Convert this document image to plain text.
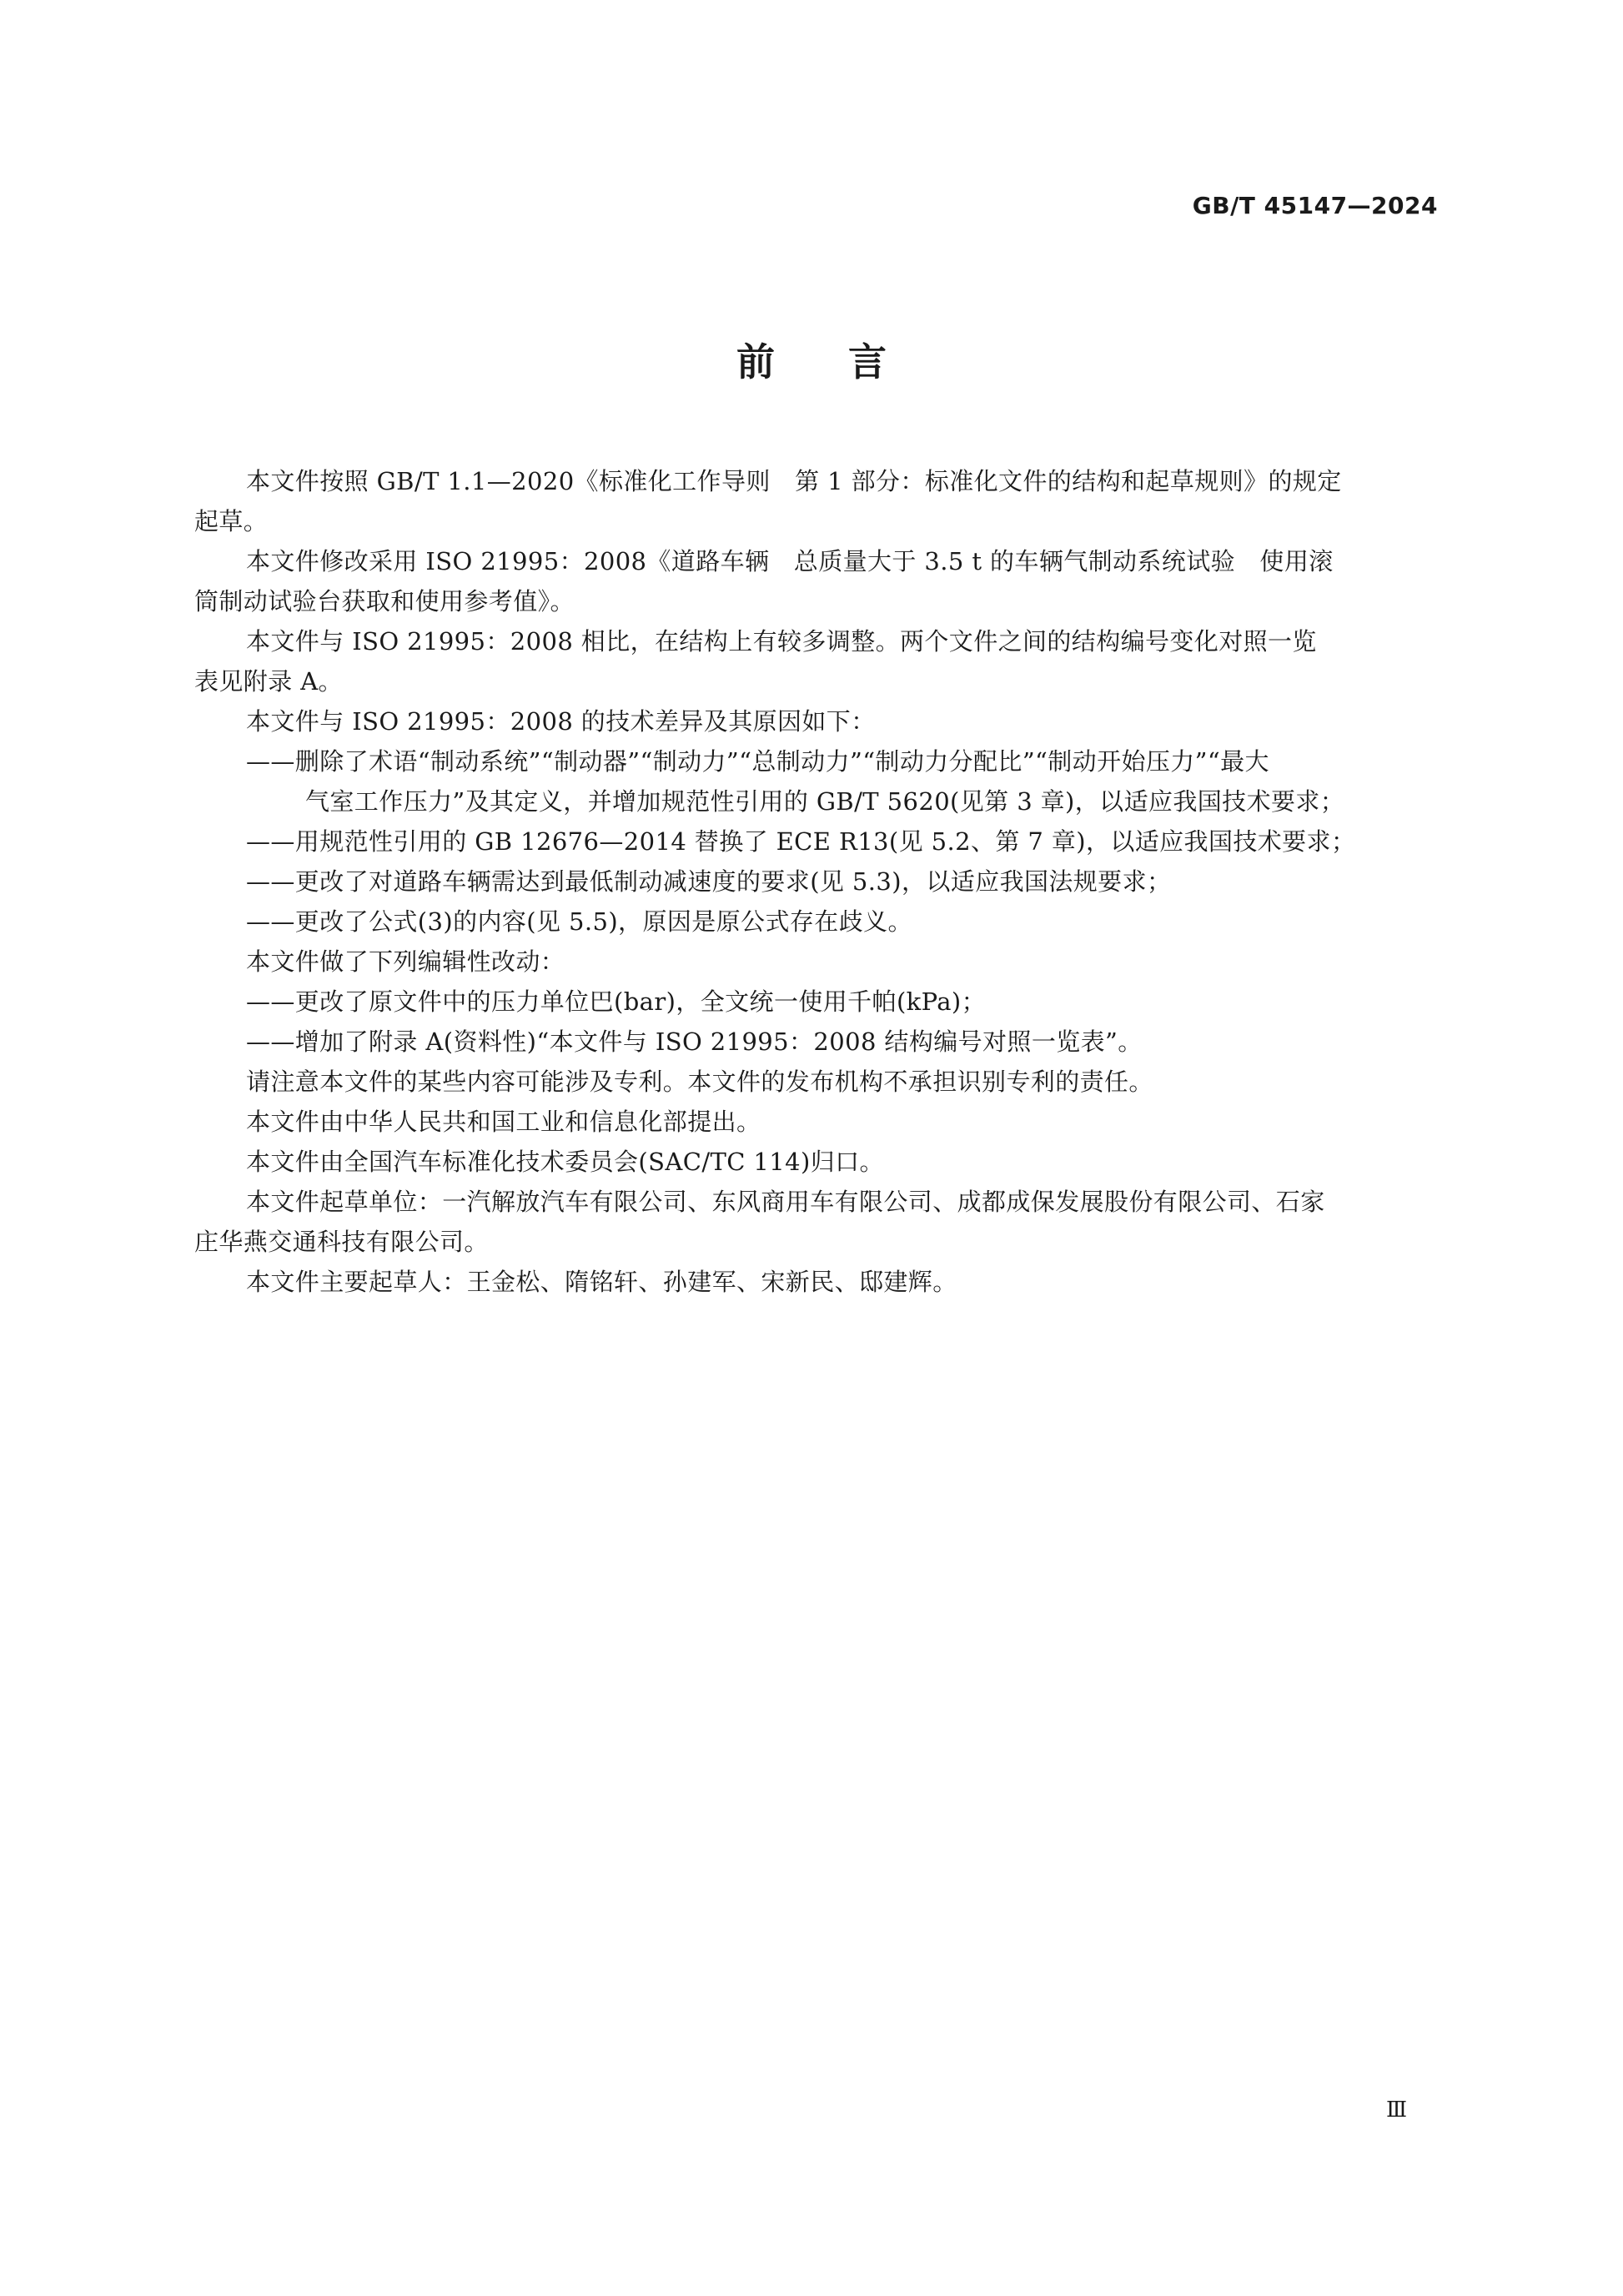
GB/T 45147—2024
前言

本文件按照 GB/T 1.1—2020《标准化工作导则　第 1 部分：标准化文件的结构和起草规则》的规定

起草。

本文件修改采用 ISO 21995：2008《道路车辆　总质量大于 3.5 t 的车辆气制动系统试验　使用滚

筒制动试验台获取和使用参考值》。

本文件与 ISO 21995：2008 相比，在结构上有较多调整。两个文件之间的结构编号变化对照一览

表见附录 A。

本文件与 ISO 21995：2008 的技术差异及其原因如下：

——删除了术语“制动系统”“制动器”“制动力”“总制动力”“制动力分配比”“制动开始压力”“最大

气室工作压力”及其定义，并增加规范性引用的 GB/T 5620(见第 3 章)，以适应我国技术要求；

——用规范性引用的 GB 12676—2014 替换了 ECE R13(见 5.2、第 7 章)，以适应我国技术要求；

——更改了对道路车辆需达到最低制动减速度的要求(见 5.3)，以适应我国法规要求；

——更改了公式(3)的内容(见 5.5)，原因是原公式存在歧义。

本文件做了下列编辑性改动：

——更改了原文件中的压力单位巴(bar)，全文统一使用千帕(kPa)；

——增加了附录 A(资料性)“本文件与 ISO 21995：2008 结构编号对照一览表”。

请注意本文件的某些内容可能涉及专利。本文件的发布机构不承担识别专利的责任。

本文件由中华人民共和国工业和信息化部提出。

本文件由全国汽车标准化技术委员会(SAC/TC 114)归口。

本文件起草单位：一汽解放汽车有限公司、东风商用车有限公司、成都成保发展股份有限公司、石家

庄华燕交通科技有限公司。

本文件主要起草人：王金松、隋铭轩、孙建军、宋新民、邸建辉。

Ⅲ
